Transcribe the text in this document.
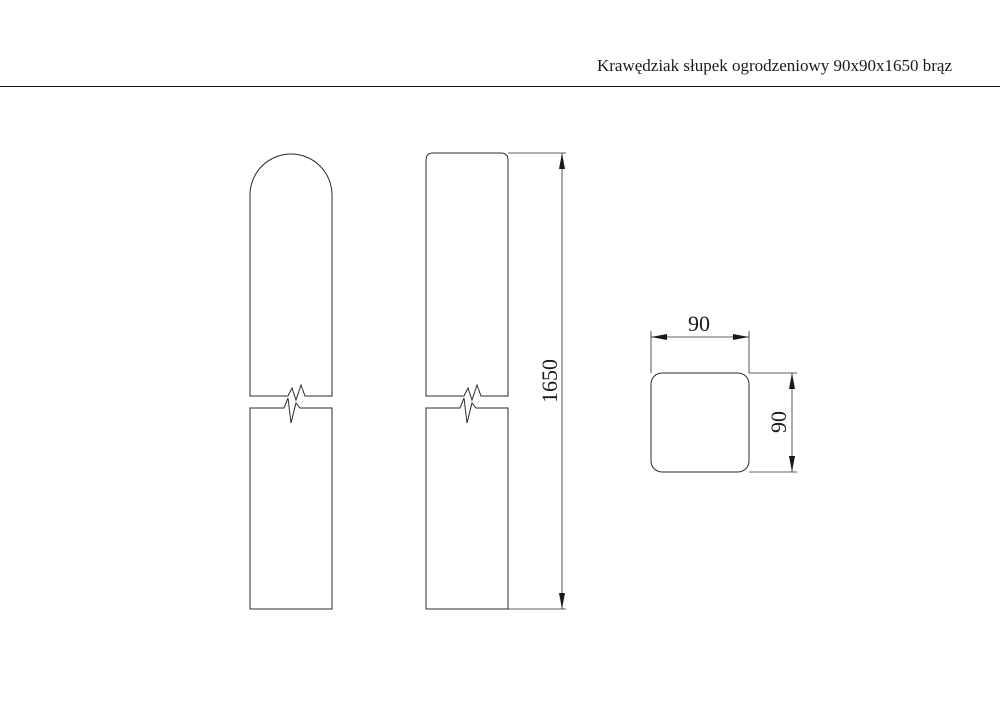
Krawędziak słupek ogrodzeniowy 90x90x1650 brąz
1650
90
90
